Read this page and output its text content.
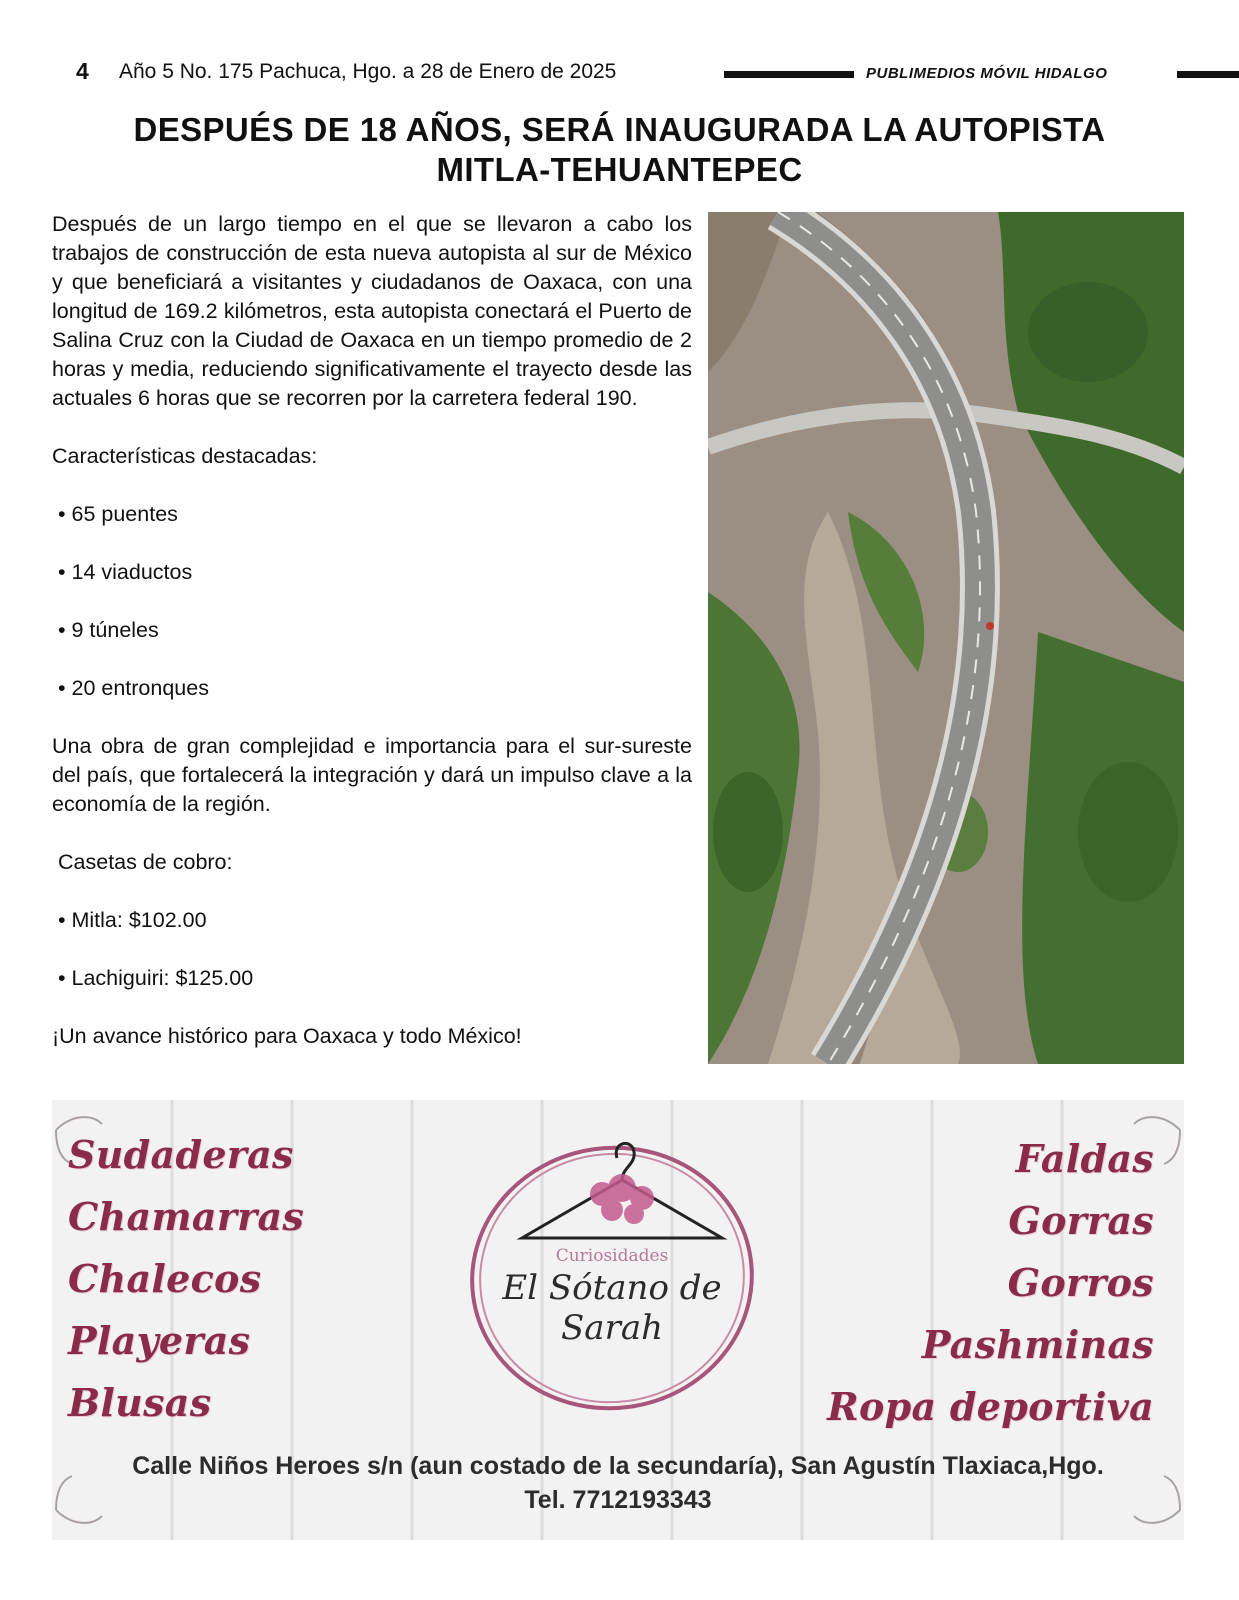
4 Año 5 No. 175 Pachuca, Hgo. a 28 de Enero de 2025	PUBLIMEDIOS MÓVIL HIDALGO
DESPUÉS DE 18 AÑOS, SERÁ INAUGURADA LA AUTOPISTA
MITLA-TEHUANTEPEC

Después de un largo tiempo en el que se llevaron a cabo los trabajos de construcción de esta nueva autopista al sur de México y que beneficiará a visitantes y ciudadanos de Oaxaca, con una longitud de 169.2 kilómetros, esta autopista conectará el Puerto de Salina Cruz con la Ciudad de Oaxaca en un tiempo promedio de 2 horas y media, reduciendo significativamente el trayecto desde las actuales 6 horas que se recorren por la carretera federal 190.

Características destacadas:

• 65 puentes

• 14 viaductos

• 9 túneles

• 20 entronques

Una obra de gran complejidad e importancia para el sur-sureste del país, que fortalecerá la integración y dará un impulso clave a la economía de la región.

Casetas de cobro:

• Mitla: $102.00

• Lachiguiri: $125.00

¡Un avance histórico para Oaxaca y todo México!

Sudaderas
Chamarras
Chalecos
Playeras
Blusas
Faldas
Gorras
Gorros
Pashminas
Ropa deportiva
Curiosidades
El Sótano de Sarah
Calle Niños Heroes s/n (aun costado de la secundaría), San Agustín Tlaxiaca,Hgo.
Tel. 7712193343
